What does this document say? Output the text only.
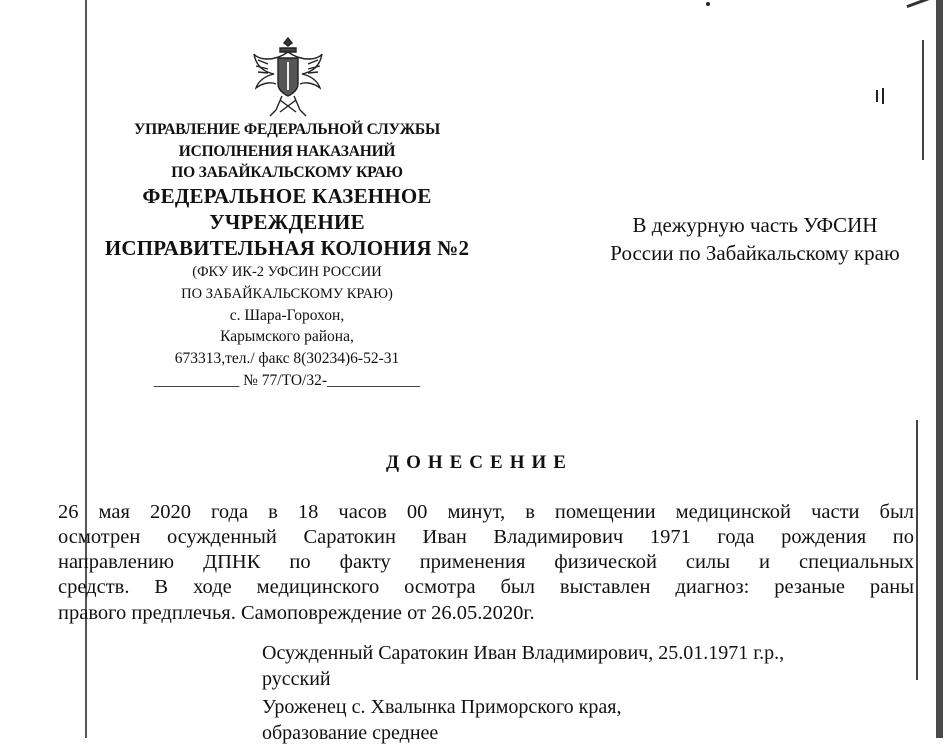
УПРАВЛЕНИЕ ФЕДЕРАЛЬНОЙ СЛУЖБЫ
ИСПОЛНЕНИЯ НАКАЗАНИЙ
ПО ЗАБАЙКАЛЬСКОМУ КРАЮ
ФЕДЕРАЛЬНОЕ КАЗЕННОЕ
УЧРЕЖДЕНИЕ
ИСПРАВИТЕЛЬНАЯ КОЛОНИЯ №2
(ФКУ ИК-2 УФСИН РОССИИ
ПО ЗАБАЙКАЛЬСКОМУ КРАЮ)
с. Шара-Горохон,
Карымского района,
673313,тел./ факс 8(30234)6-52-31
___________ № 77/ТО/32-____________
В дежурную часть УФСИН
России по Забайкальскому краю
ДОНЕСЕНИЕ
26 мая 2020 года в 18 часов 00 минут, в помещении медицинской части был
осмотрен осужденный Саратокин Иван Владимирович 1971 года рождения по
направлению ДПНК по факту применения физической силы и специальных
средств. В ходе медицинского осмотра был выставлен диагноз: резаные раны
правого предплечья. Самоповреждение от 26.05.2020г.
Осужденный Саратокин Иван Владимирович, 25.01.1971 г.р.,
русский
Уроженец с. Хвалынка Приморского края,
образование среднее
